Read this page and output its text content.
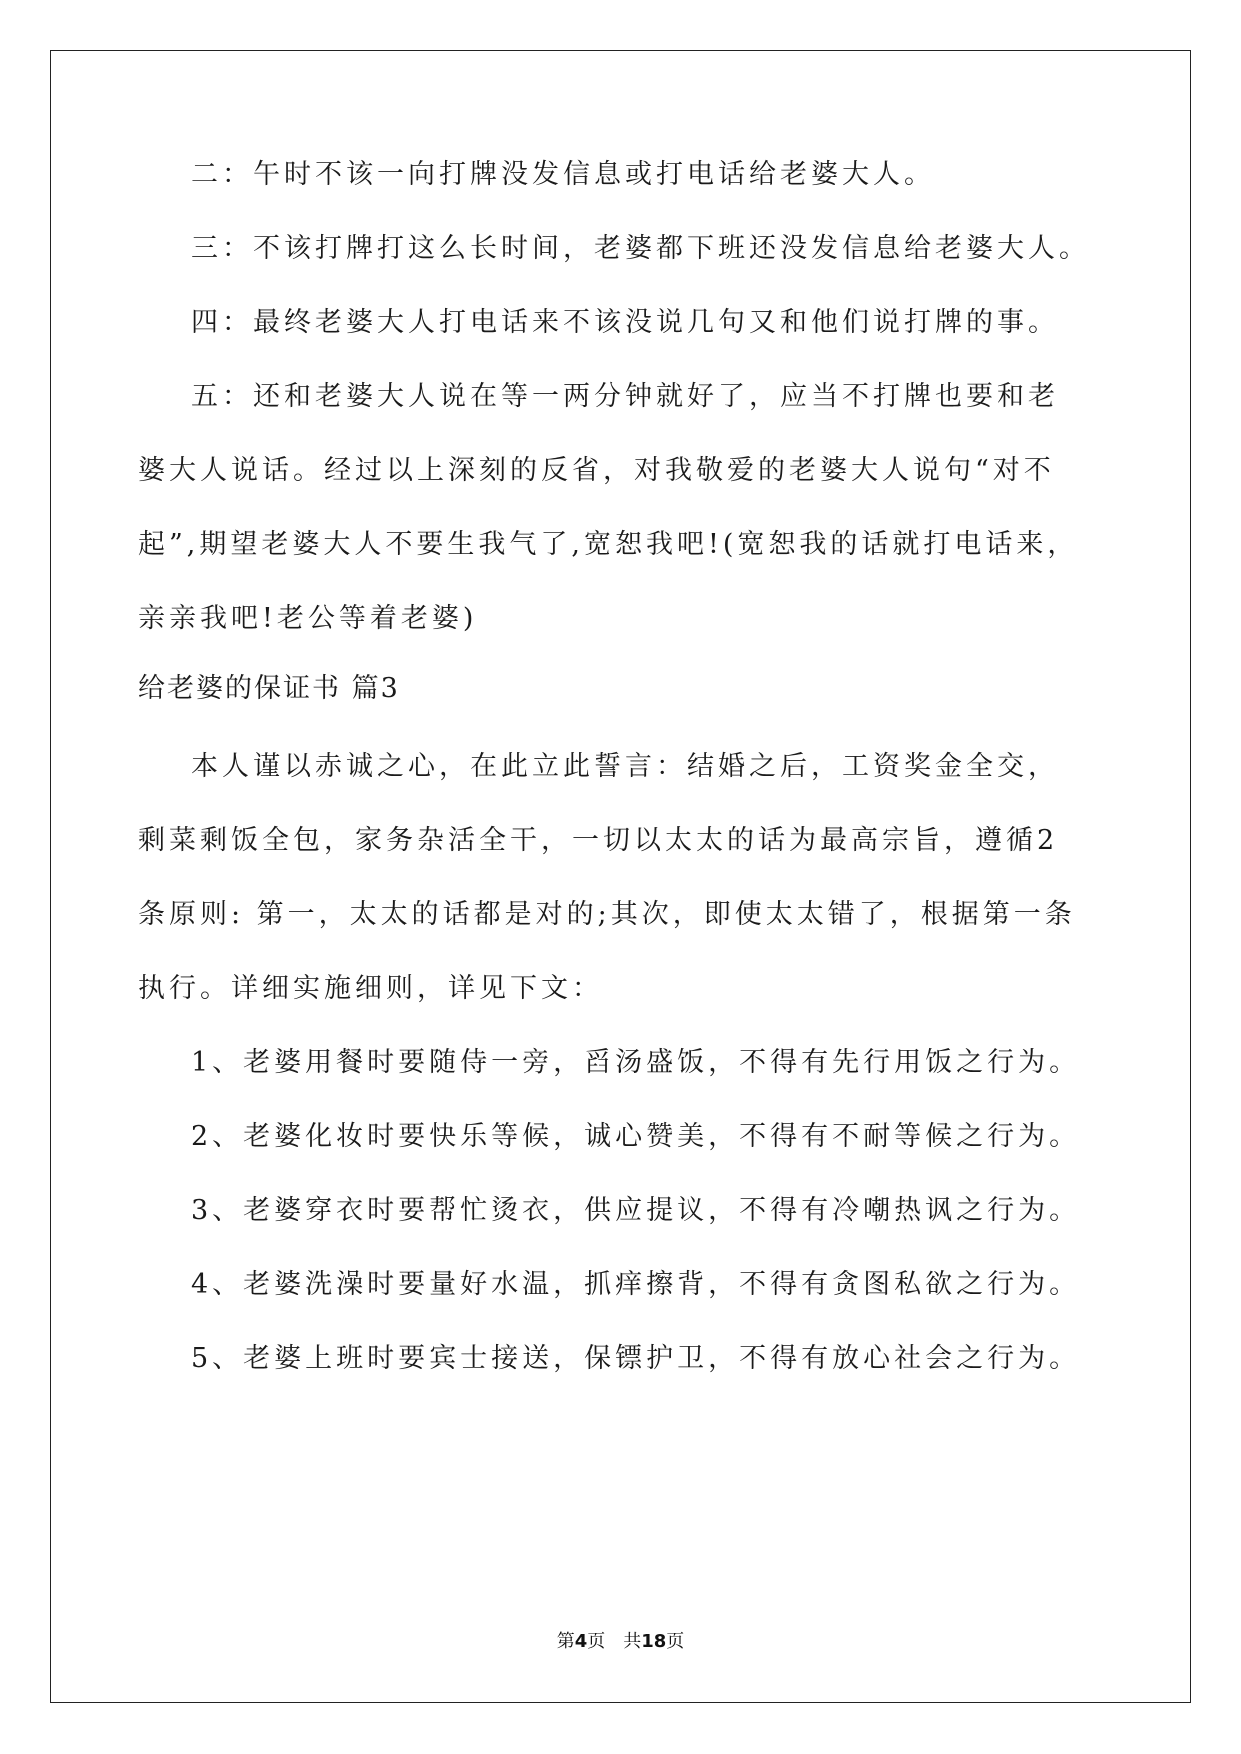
二：午时不该一向打牌没发信息或打电话给老婆大人。

三：不该打牌打这么长时间，老婆都下班还没发信息给老婆大人。

四：最终老婆大人打电话来不该没说几句又和他们说打牌的事。

五：还和老婆大人说在等一两分钟就好了，应当不打牌也要和老

婆大人说话。经过以上深刻的反省，对我敬爱的老婆大人说句“对不

起”,期望老婆大人不要生我气了,宽恕我吧!(宽恕我的话就打电话来，

亲亲我吧!老公等着老婆)

给老婆的保证书 篇3

本人谨以赤诚之心，在此立此誓言：结婚之后，工资奖金全交，

剩菜剩饭全包，家务杂活全干，一切以太太的话为最高宗旨，遵循2

条原则: 第一，太太的话都是对的;其次，即使太太错了，根据第一条

执行。详细实施细则，详见下文：

1、老婆用餐时要随侍一旁，舀汤盛饭，不得有先行用饭之行为。

2、老婆化妆时要快乐等候，诚心赞美，不得有不耐等候之行为。

3、老婆穿衣时要帮忙烫衣，供应提议，不得有冷嘲热讽之行为。

4、老婆洗澡时要量好水温，抓痒擦背，不得有贪图私欲之行为。

5、老婆上班时要宾士接送，保镖护卫，不得有放心社会之行为。

第4页　共18页
